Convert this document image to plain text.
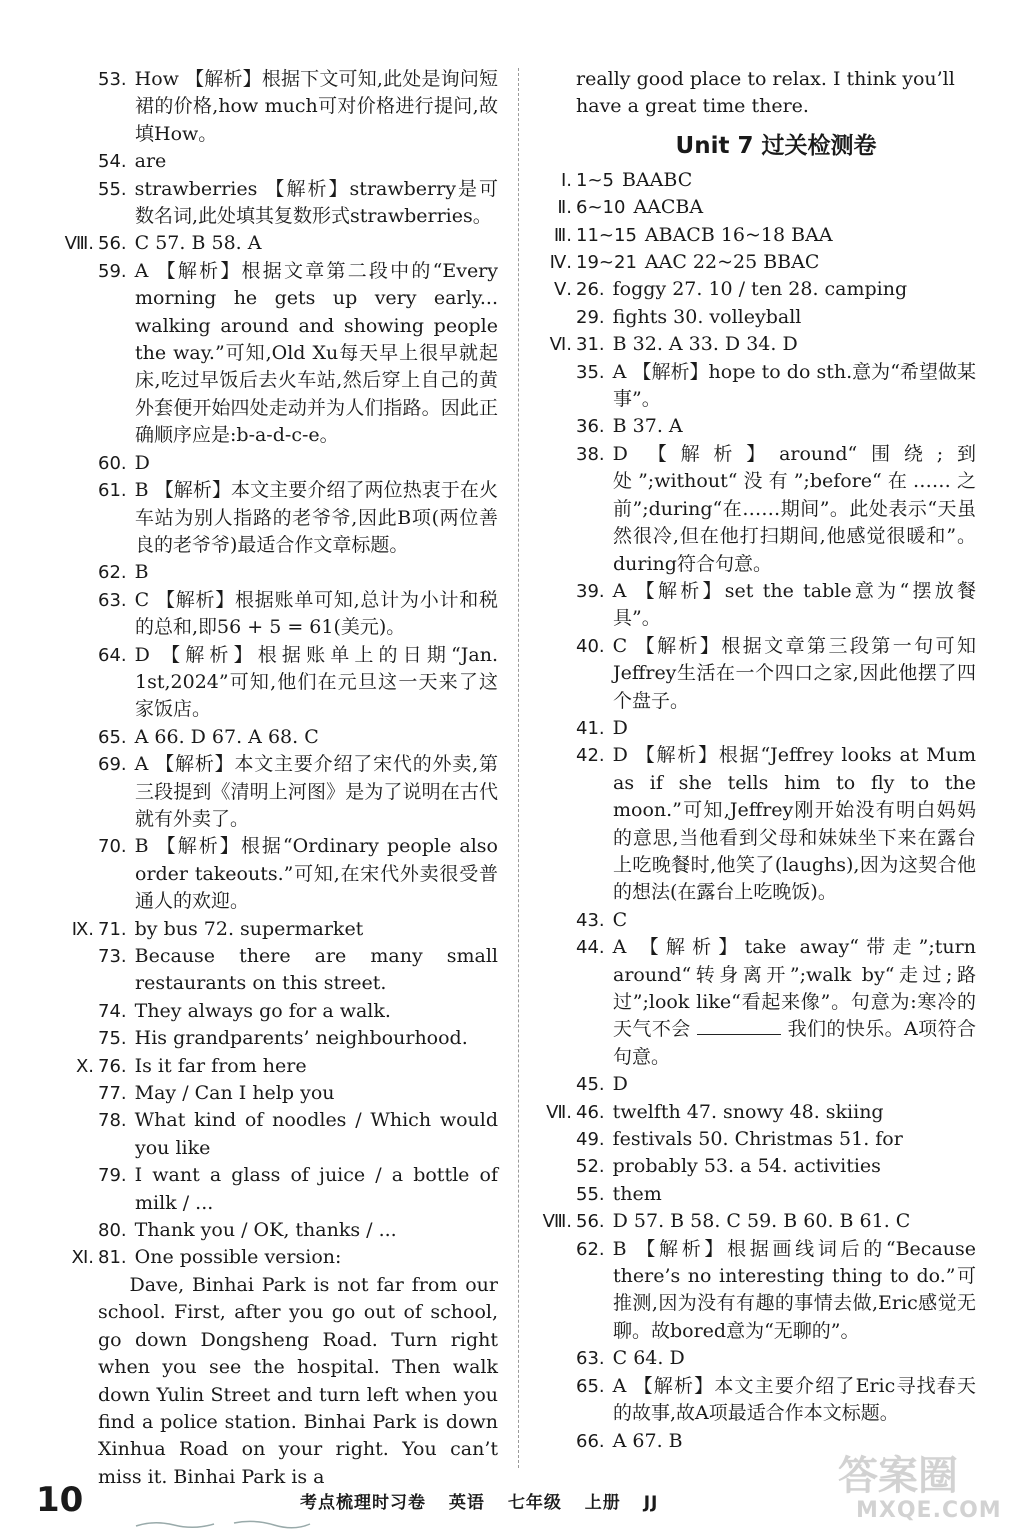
53. How 【解析】根据下文可知,此处是询问短裙的价格,how much可对价格进行提问,故填How。
54. are
55. strawberries 【解析】strawberry是可数名词,此处填其复数形式strawberries。
Ⅷ. 56. C 57. B 58. A
59. A 【解析】根据文章第二段中的“Every morning he gets up very early... walking around and showing people the way.”可知,Old Xu每天早上很早就起床,吃过早饭后去火车站,然后穿上自己的黄外套便开始四处走动并为人们指路。因此正确顺序应是:b-a-d-c-e。
60. D
61. B 【解析】本文主要介绍了两位热衷于在火车站为别人指路的老爷爷,因此B项(两位善良的老爷爷)最适合作文章标题。
62. B
63. C 【解析】根据账单可知,总计为小计和税的总和,即56 + 5 = 61(美元)。
64. D 【解析】根据账单上的日期“Jan. 1st,2024”可知,他们在元旦这一天来了这家饭店。
65. A 66. D 67. A 68. C
69. A 【解析】本文主要介绍了宋代的外卖,第三段提到《清明上河图》是为了说明在古代就有外卖了。
70. B 【解析】根据“Ordinary people also order takeouts.”可知,在宋代外卖很受普通人的欢迎。
Ⅸ. 71. by bus 72. supermarket
73. Because there are many small restaurants on this street.
74. They always go for a walk.
75. His grandparents’ neighbourhood.
Ⅹ. 76. Is it far from here
77. May / Can I help you
78. What kind of noodles / Which would you like
79. I want a glass of juice / a bottle of milk / ...
80. Thank you / OK, thanks / ...
Ⅺ. 81. One possible version:
Dave, Binhai Park is not far from our school. First, after you go out of school, go down Dongsheng Road. Turn right when you see the hospital. Then walk down Yulin Street and turn left when you find a police station. Binhai Park is down Xinhua Road on your right. You can’t miss it. Binhai Park is a
really good place to relax. I think you’ll have a great time there.
Unit 7 过关检测卷
Ⅰ. 1~5 BAABC
Ⅱ. 6~10 AACBA
Ⅲ. 11~15 ABACB 16~18 BAA
Ⅳ. 19~21 AAC 22~25 BBAC
Ⅴ. 26. foggy 27. 10 / ten 28. camping
29. fights 30. volleyball
Ⅵ. 31. B 32. A 33. D 34. D
35. A 【解析】hope to do sth.意为“希望做某事”。
36. B 37. A
38. D 【解析】around“围绕;到处”;without“没有”;before“在……之前”;during“在……期间”。此处表示“天虽然很冷,但在他打扫期间,他感觉很暖和”。during符合句意。
39. A 【解析】set the table意为“摆放餐具”。
40. C 【解析】根据文章第三段第一句可知Jeffrey生活在一个四口之家,因此他摆了四个盘子。
41. D
42. D 【解析】根据“Jeffrey looks at Mum as if she tells him to fly to the moon.”可知,Jeffrey刚开始没有明白妈妈的意思,当他看到父母和妹妹坐下来在露台上吃晚餐时,他笑了(laughs),因为这契合他的想法(在露台上吃晚饭)。
43. C
44. A 【解析】take away“带走”;turn around“转身离开”;walk by“走过;路过”;look like“看起来像”。句意为:寒冷的天气不会	我们的快乐。A项符合句意。
45. D
Ⅶ. 46. twelfth 47. snowy 48. skiing
49. festivals 50. Christmas 51. for
52. probably 53. a 54. activities
55. them
Ⅷ. 56. D 57. B 58. C 59. B 60. B 61. C
62. B 【解析】根据画线词后的“Because there’s no interesting thing to do.”可推测,因为没有有趣的事情去做,Eric感觉无聊。故bored意为“无聊的”。
63. C 64. D
65. A 【解析】本文主要介绍了Eric寻找春天的故事,故A项最适合作本文标题。
66. A 67. B
10	考点梳理时习卷 英语 七年级 上册 JJ
答案圈
MXQE.COM
